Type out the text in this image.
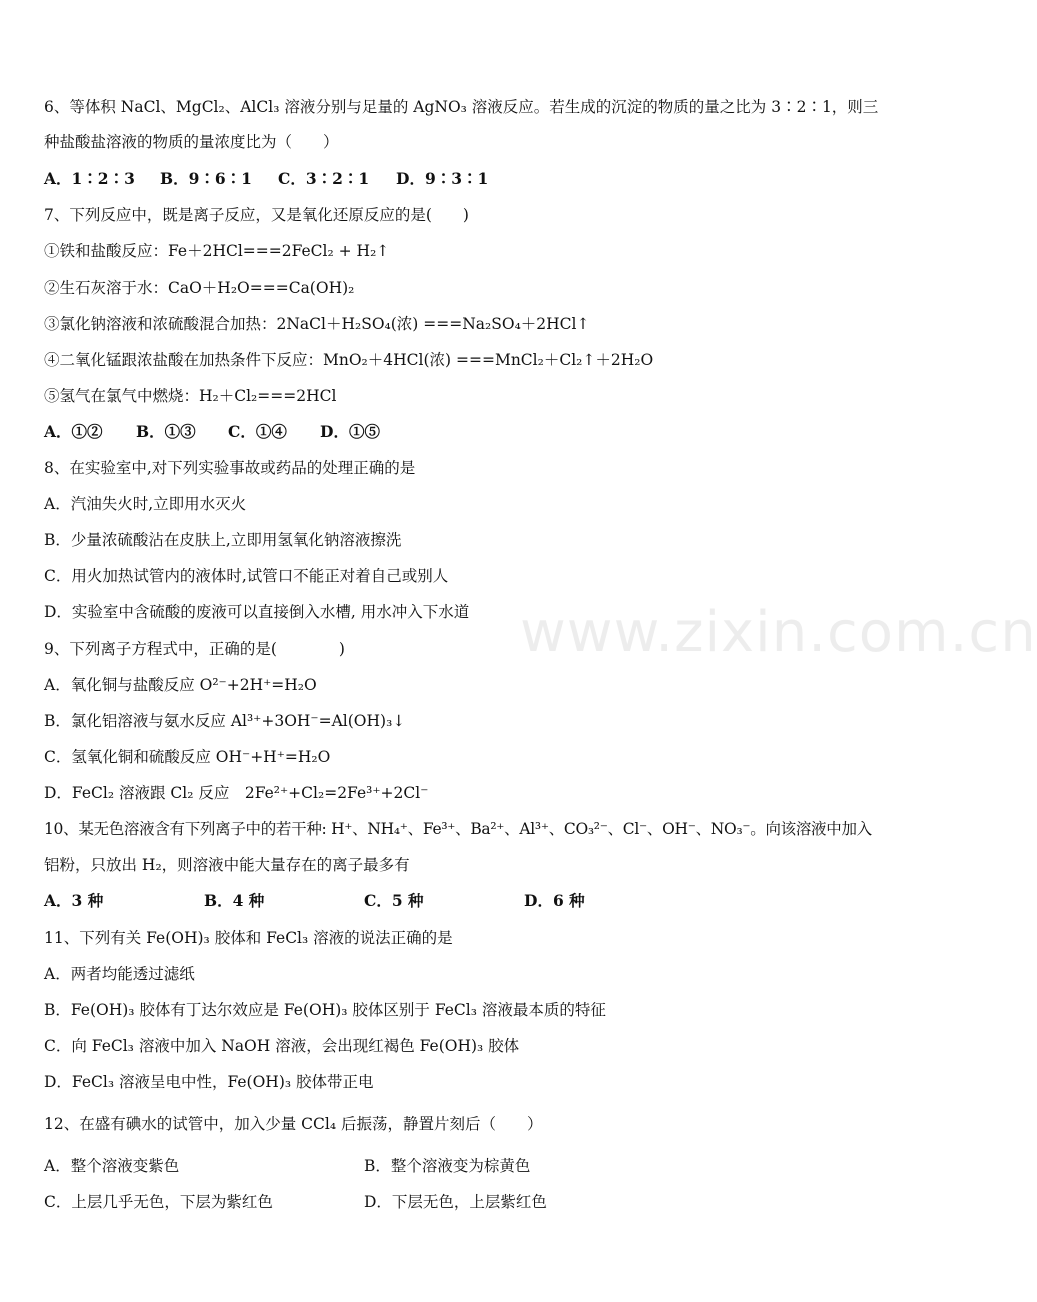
www.zixin.com.cn
6、等体积 NaCl、MgCl₂、AlCl₃ 溶液分别与足量的 AgNO₃ 溶液反应。若生成的沉淀的物质的量之比为 3∶2∶1，则三
种盐酸盐溶液的物质的量浓度比为（　　）
A．1∶2∶3 B．9∶6∶1 C．3∶2∶1 D．9∶3∶1
7、下列反应中，既是离子反应，又是氧化还原反应的是(　　)
①铁和盐酸反应：Fe＋2HCl===2FeCl₂ + H₂↑
②生石灰溶于水：CaO＋H₂O===Ca(OH)₂
③氯化钠溶液和浓硫酸混合加热：2NaCl＋H₂SO₄(浓) ===Na₂SO₄＋2HCl↑
④二氧化锰跟浓盐酸在加热条件下反应：MnO₂＋4HCl(浓) ===MnCl₂＋Cl₂↑＋2H₂O
⑤氢气在氯气中燃烧：H₂＋Cl₂===2HCl
A．①② B．①③ C．①④ D．①⑤
8、在实验室中,对下列实验事故或药品的处理正确的是
A．汽油失火时,立即用水灭火
B．少量浓硫酸沾在皮肤上,立即用氢氧化钠溶液擦洗
C．用火加热试管内的液体时,试管口不能正对着自己或别人
D．实验室中含硫酸的废液可以直接倒入水槽, 用水冲入下水道
9、下列离子方程式中，正确的是(　　　　)
A．氧化铜与盐酸反应 O²⁻+2H⁺=H₂O
B．氯化铝溶液与氨水反应 Al³⁺+3OH⁻=Al(OH)₃↓
C．氢氧化铜和硫酸反应 OH⁻+H⁺=H₂O
D．FeCl₂ 溶液跟 Cl₂ 反应　2Fe²⁺+Cl₂=2Fe³⁺+2Cl⁻
10、某无色溶液含有下列离子中的若干种: H⁺、NH₄⁺、Fe³⁺、Ba²⁺、Al³⁺、CO₃²⁻、Cl⁻、OH⁻、NO₃⁻。向该溶液中加入
铝粉，只放出 H₂，则溶液中能大量存在的离子最多有
A．3 种	B．4 种	C．5 种	D．6 种
11、下列有关 Fe(OH)₃ 胶体和 FeCl₃ 溶液的说法正确的是
A．两者均能透过滤纸
B．Fe(OH)₃ 胶体有丁达尔效应是 Fe(OH)₃ 胶体区别于 FeCl₃ 溶液最本质的特征
C．向 FeCl₃ 溶液中加入 NaOH 溶液，会出现红褐色 Fe(OH)₃ 胶体
D．FeCl₃ 溶液呈电中性，Fe(OH)₃ 胶体带正电
12、在盛有碘水的试管中，加入少量 CCl₄ 后振荡，静置片刻后（　　）
A．整个溶液变紫色	B．整个溶液变为棕黄色
C．上层几乎无色，下层为紫红色	D．下层无色，上层紫红色
